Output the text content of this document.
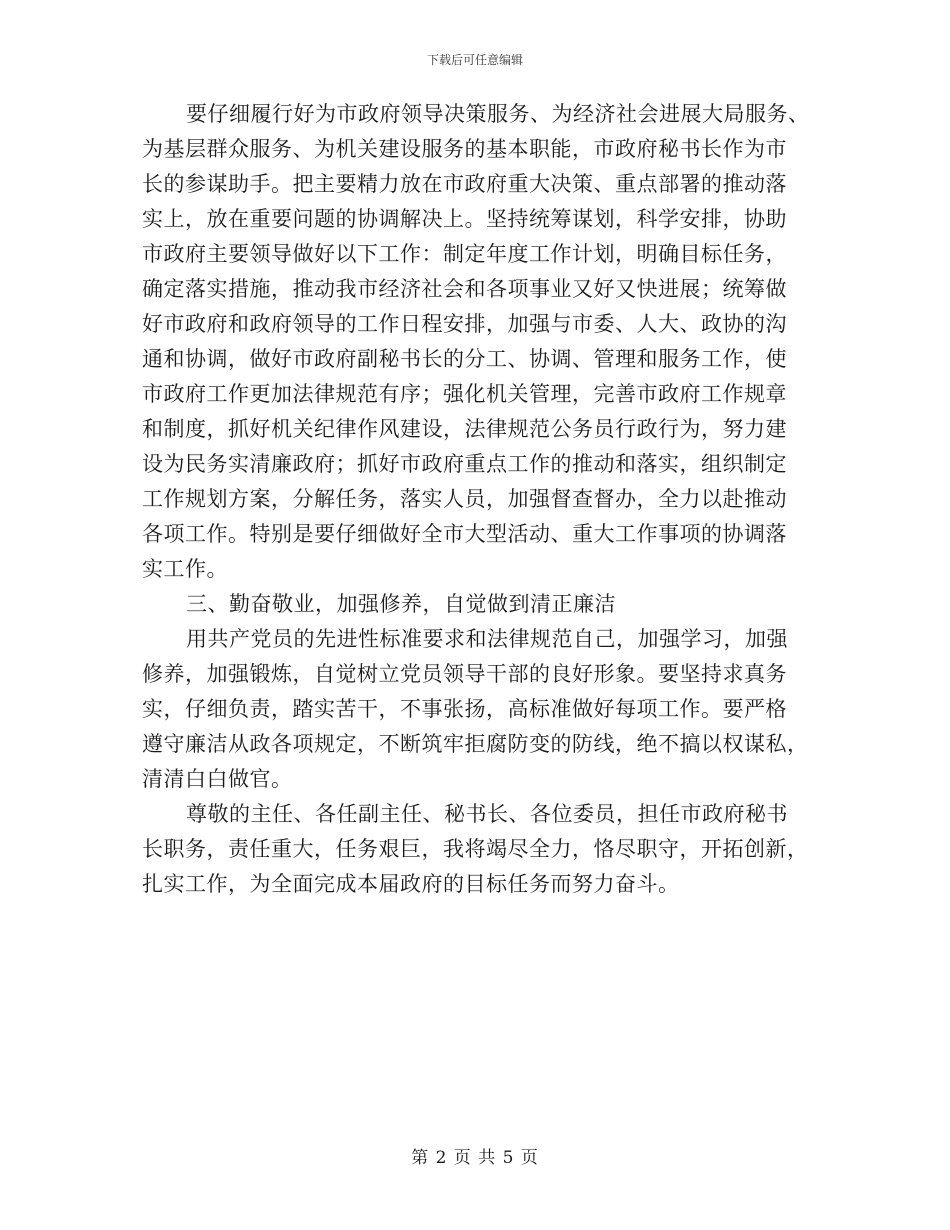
下载后可任意编辑
要仔细履行好为市政府领导决策服务、为经济社会进展大局服务、
为基层群众服务、为机关建设服务的基本职能，市政府秘书长作为市
长的参谋助手。把主要精力放在市政府重大决策、重点部署的推动落
实上，放在重要问题的协调解决上。坚持统筹谋划，科学安排，协助
市政府主要领导做好以下工作：制定年度工作计划，明确目标任务，
确定落实措施，推动我市经济社会和各项事业又好又快进展；统筹做
好市政府和政府领导的工作日程安排，加强与市委、人大、政协的沟
通和协调，做好市政府副秘书长的分工、协调、管理和服务工作，使
市政府工作更加法律规范有序；强化机关管理，完善市政府工作规章
和制度，抓好机关纪律作风建设，法律规范公务员行政行为，努力建
设为民务实清廉政府；抓好市政府重点工作的推动和落实，组织制定
工作规划方案，分解任务，落实人员，加强督查督办，全力以赴推动
各项工作。特别是要仔细做好全市大型活动、重大工作事项的协调落
实工作。
三、勤奋敬业，加强修养，自觉做到清正廉洁
用共产党员的先进性标准要求和法律规范自己，加强学习，加强
修养，加强锻炼，自觉树立党员领导干部的良好形象。要坚持求真务
实，仔细负责，踏实苦干，不事张扬，高标准做好每项工作。要严格
遵守廉洁从政各项规定，不断筑牢拒腐防变的防线，绝不搞以权谋私，
清清白白做官。
尊敬的主任、各任副主任、秘书长、各位委员，担任市政府秘书
长职务，责任重大，任务艰巨，我将竭尽全力，恪尽职守，开拓创新，
扎实工作，为全面完成本届政府的目标任务而努力奋斗。
第 2 页 共 5 页
